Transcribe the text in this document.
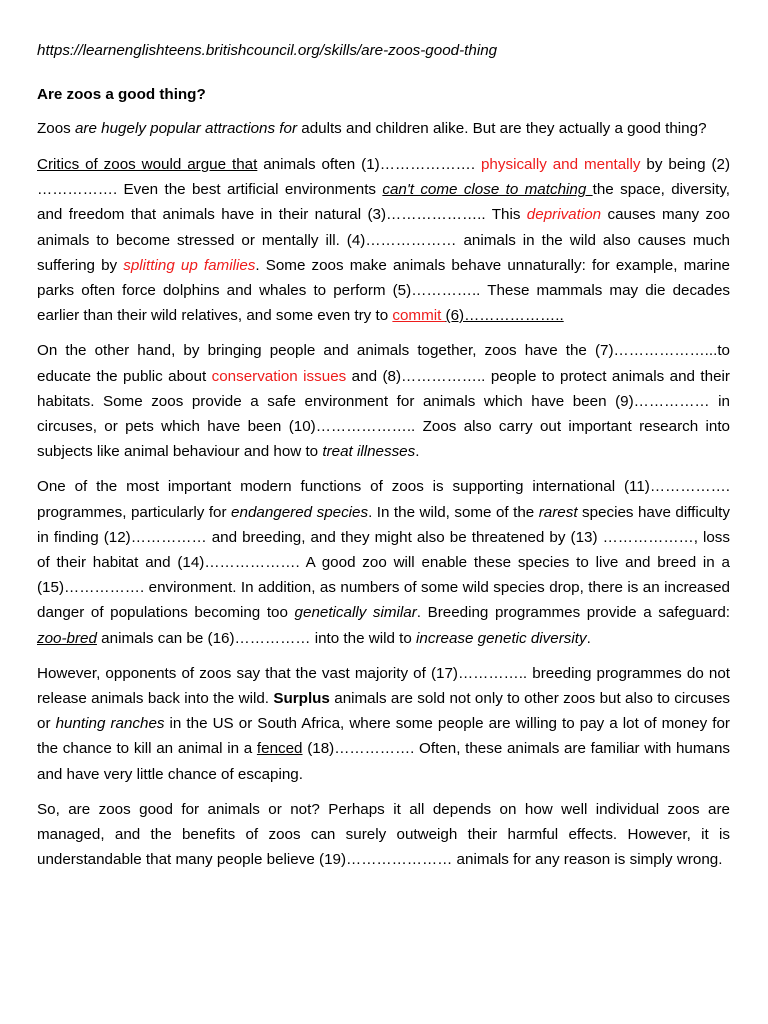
https://learnenglishteens.britishcouncil.org/skills/are-zoos-good-thing
Are zoos a good thing?
Zoos are hugely popular attractions for adults and children alike. But are they actually a good thing?
Critics of zoos would argue that animals often (1)………………. physically and mentally by being (2) ……………. Even the best artificial environments can't come close to matching the space, diversity, and freedom that animals have in their natural (3)……………….. This deprivation causes many zoo animals to become stressed or mentally ill. (4)……………… animals in the wild also causes much suffering by splitting up families. Some zoos make animals behave unnaturally: for example, marine parks often force dolphins and whales to perform (5)………….. These mammals may die decades earlier than their wild relatives, and some even try to commit (6)………………..
On the other hand, by bringing people and animals together, zoos have the (7)………………...to educate the public about conservation issues and (8)…………….. people to protect animals and their habitats. Some zoos provide a safe environment for animals which have been (9)…………… in circuses, or pets which have been (10)……………….. Zoos also carry out important research into subjects like animal behaviour and how to treat illnesses.
One of the most important modern functions of zoos is supporting international (11)……………. programmes, particularly for endangered species. In the wild, some of the rarest species have difficulty in finding (12)…………… and breeding, and they might also be threatened by (13) ………………, loss of their habitat and (14)………………. A good zoo will enable these species to live and breed in a (15)……………. environment. In addition, as numbers of some wild species drop, there is an increased danger of populations becoming too genetically similar. Breeding programmes provide a safeguard: zoo-bred animals can be (16)…………… into the wild to increase genetic diversity.
However, opponents of zoos say that the vast majority of (17)………….. breeding programmes do not release animals back into the wild. Surplus animals are sold not only to other zoos but also to circuses or hunting ranches in the US or South Africa, where some people are willing to pay a lot of money for the chance to kill an animal in a fenced (18)……………. Often, these animals are familiar with humans and have very little chance of escaping.
So, are zoos good for animals or not? Perhaps it all depends on how well individual zoos are managed, and the benefits of zoos can surely outweigh their harmful effects. However, it is understandable that many people believe (19)………………… animals for any reason is simply wrong.
